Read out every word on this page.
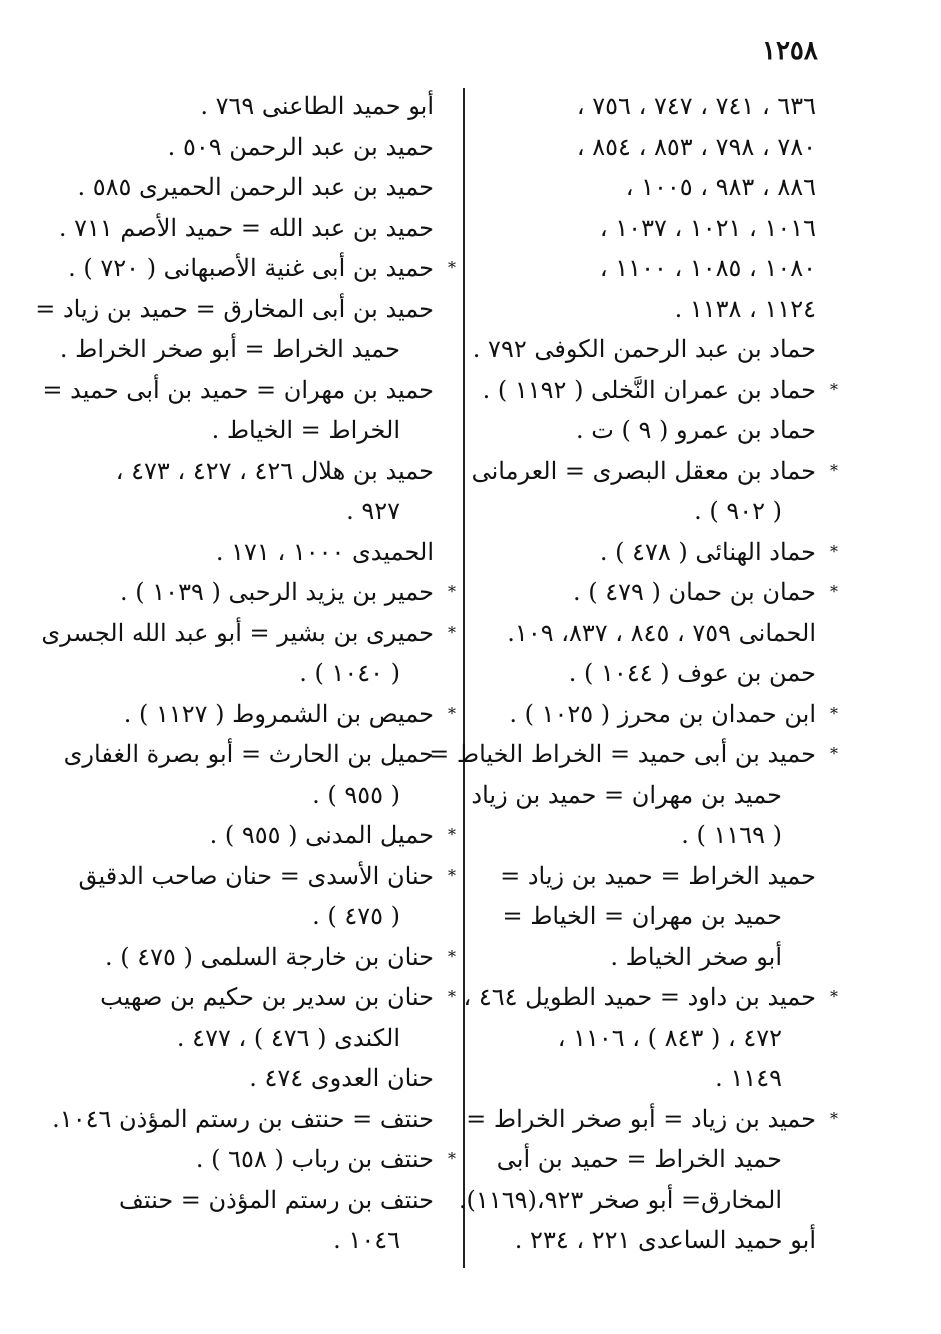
١٢٥٨
٦٣٦ ، ٧٤١ ، ٧٤٧ ، ٧٥٦ ،
٧٨٠ ، ٧٩٨ ، ٨٥٣ ، ٨٥٤ ،
٨٨٦ ، ٩٨٣ ، ١٠٠٥ ،
١٠١٦ ، ١٠٢١ ، ١٠٣٧ ،
١٠٨٠ ، ١٠٨٥ ، ١١٠٠ ،
١١٢٤ ، ١١٣٨ .
حماد بن عبد الرحمن الكوفى ٧٩٢ .
*
حماد بن عمران النَّخلى ( ١١٩٢ ) .
حماد بن عمرو ( ٩ ) ت .
*
حماد بن معقل البصرى = العرمانى
( ٩٠٢ ) .
*
حماد الهنائى ( ٤٧٨ ) .
*
حمان بن حمان ( ٤٧٩ ) .
الحمانى ٧٥٩ ، ٨٤٥ ، ٨٣٧، ١٠٩.
حمن بن عوف ( ١٠٤٤ ) .
*
ابن حمدان بن محرز ( ١٠٢٥ ) .
*
حميد بن أبى حميد = الخراط الخياط =
حميد بن مهران = حميد بن زياد
( ١١٦٩ ) .
حميد الخراط = حميد بن زياد =
حميد بن مهران = الخياط =
أبو صخر الخياط .
*
حميد بن داود = حميد الطويل ٤٦٤ ،
٤٧٢ ، ( ٨٤٣ ) ، ١١٠٦ ،
١١٤٩ .
*
حميد بن زياد = أبو صخر الخراط =
حميد الخراط = حميد بن أبى
المخارق= أبو صخر ٩٢٣،(١١٦٩).
أبو حميد الساعدى ٢٢١ ، ٢٣٤ .
أبو حميد الطاعنى ٧٦٩ .
حميد بن عبد الرحمن ٥٠٩ .
حميد بن عبد الرحمن الحميرى ٥٨٥ .
حميد بن عبد الله = حميد الأصم ٧١١ .
*
حميد بن أبى غنية الأصبهانى ( ٧٢٠ ) .
حميد بن أبى المخارق = حميد بن زياد =
حميد الخراط = أبو صخر الخراط .
حميد بن مهران = حميد بن أبى حميد =
الخراط = الخياط .
حميد بن هلال ٤٢٦ ، ٤٢٧ ، ٤٧٣ ،
٩٢٧ .
الحميدى ١٠٠٠ ، ١٧١ .
*
حمير بن يزيد الرحبى ( ١٠٣٩ ) .
*
حميرى بن بشير = أبو عبد الله الجسرى
( ١٠٤٠ ) .
*
حميص بن الشمروط ( ١١٢٧ ) .
حميل بن الحارث = أبو بصرة الغفارى
( ٩٥٥ ) .
*
حميل المدنى ( ٩٥٥ ) .
*
حنان الأسدى = حنان صاحب الدقيق
( ٤٧٥ ) .
*
حنان بن خارجة السلمى ( ٤٧٥ ) .
*
حنان بن سدير بن حكيم بن صهيب
الكندى ( ٤٧٦ ) ، ٤٧٧ .
حنان العدوى ٤٧٤ .
حنتف = حنتف بن رستم المؤذن ١٠٤٦.
*
حنتف بن رباب ( ٦٥٨ ) .
حنتف بن رستم المؤذن = حنتف
١٠٤٦ .
